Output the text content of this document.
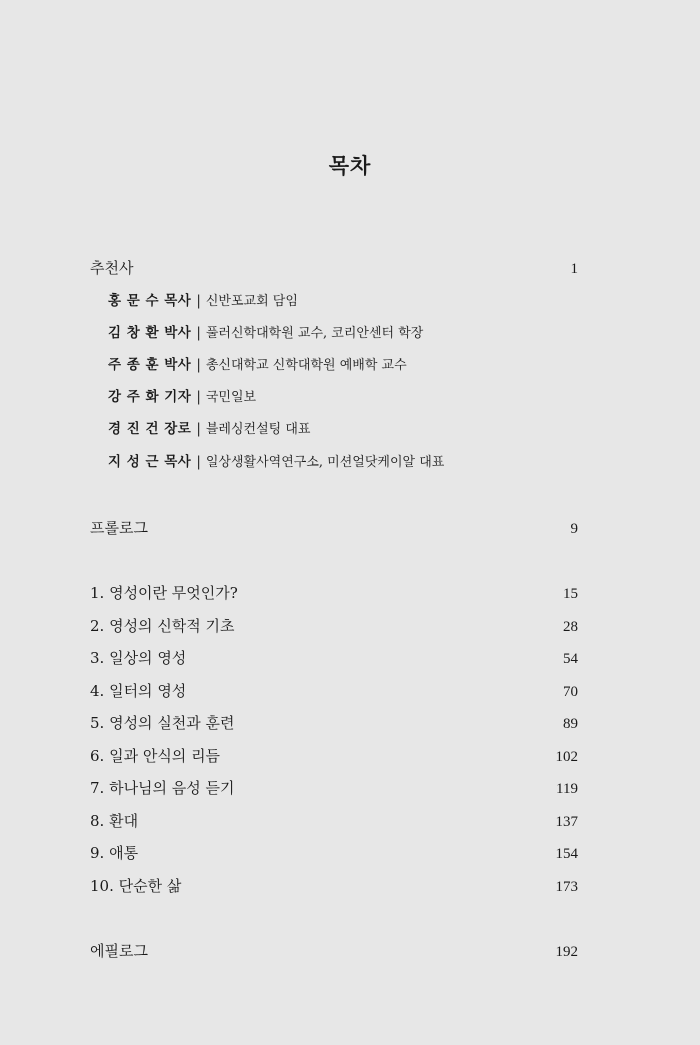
목차
추천사	1
홍 문 수 목사 | 신반포교회 담임
김 창 환 박사 | 풀러신학대학원 교수, 코리안센터 학장
주 종 훈 박사 | 총신대학교 신학대학원 예배학 교수
강 주 화 기자 | 국민일보
경 진 건 장로 | 블레싱컨설팅 대표
지 성 근 목사 | 일상생활사역연구소, 미션얼닷케이알 대표
프롤로그	9
1. 영성이란 무엇인가?	15
2. 영성의 신학적 기초	28
3. 일상의 영성	54
4. 일터의 영성	70
5. 영성의 실천과 훈련	89
6. 일과 안식의 리듬	102
7. 하나님의 음성 듣기	119
8. 환대	137
9. 애통	154
10. 단순한 삶	173
에필로그	192
